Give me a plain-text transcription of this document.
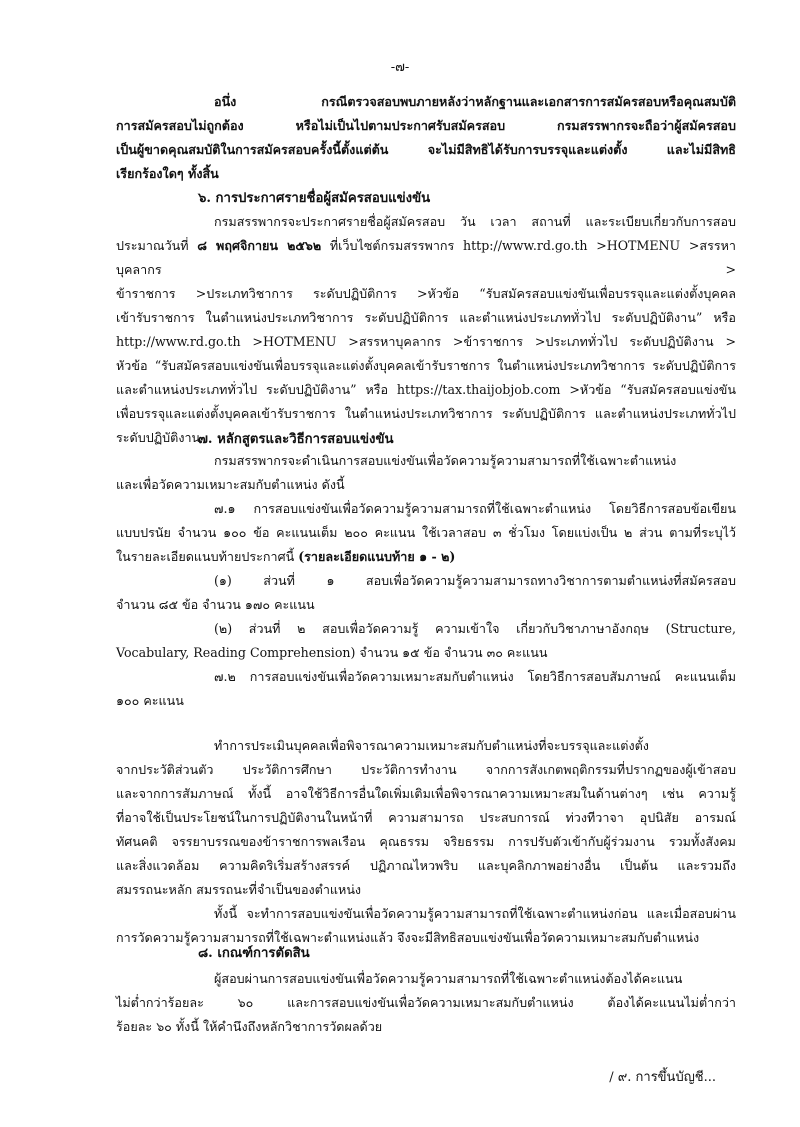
-๗-

อนึ่ง กรณีตรวจสอบพบภายหลังว่าหลักฐานและเอกสารการสมัครสอบหรือคุณสมบัติ

การสมัครสอบไม่ถูกต้อง หรือไม่เป็นไปตามประกาศรับสมัครสอบ กรมสรรพากรจะถือว่าผู้สมัครสอบ

เป็นผู้ขาดคุณสมบัติในการสมัครสอบครั้งนี้ตั้งแต่ต้น จะไม่มีสิทธิได้รับการบรรจุและแต่งตั้ง และไม่มีสิทธิ

เรียกร้องใดๆ ทั้งสิ้น

๖. การประกาศรายชื่อผู้สมัครสอบแข่งขัน

กรมสรรพากรจะประกาศรายชื่อผู้สมัครสอบ วัน เวลา สถานที่ และระเบียบเกี่ยวกับการสอบ

ประมาณวันที่ ๘ พฤศจิกายน ๒๕๖๒ ที่เว็บไซต์กรมสรรพากร http://www.rd.go.th >HOTMENU >สรรหาบุคลากร >

ข้าราชการ >ประเภทวิชาการ ระดับปฏิบัติการ >หัวข้อ “รับสมัครสอบแข่งขันเพื่อบรรจุและแต่งตั้งบุคคล

เข้ารับราชการ ในตำแหน่งประเภทวิชาการ ระดับปฏิบัติการ และตำแหน่งประเภททั่วไป ระดับปฏิบัติงาน” หรือ

http://www.rd.go.th >HOTMENU >สรรหาบุคลากร >ข้าราชการ >ประเภททั่วไป ระดับปฏิบัติงาน >

หัวข้อ “รับสมัครสอบแข่งขันเพื่อบรรจุและแต่งตั้งบุคคลเข้ารับราชการ ในตำแหน่งประเภทวิชาการ ระดับปฏิบัติการ

และตำแหน่งประเภททั่วไป ระดับปฏิบัติงาน” หรือ https://tax.thaijobjob.com >หัวข้อ “รับสมัครสอบแข่งขัน

เพื่อบรรจุและแต่งตั้งบุคคลเข้ารับราชการ ในตำแหน่งประเภทวิชาการ ระดับปฏิบัติการ และตำแหน่งประเภททั่วไป

ระดับปฏิบัติงาน

๗. หลักสูตรและวิธีการสอบแข่งขัน

กรมสรรพากรจะดำเนินการสอบแข่งขันเพื่อวัดความรู้ความสามารถที่ใช้เฉพาะตำแหน่ง

และเพื่อวัดความเหมาะสมกับตำแหน่ง ดังนี้

๗.๑ การสอบแข่งขันเพื่อวัดความรู้ความสามารถที่ใช้เฉพาะตำแหน่ง โดยวิธีการสอบข้อเขียน

แบบปรนัย จำนวน ๑๐๐ ข้อ คะแนนเต็ม ๒๐๐ คะแนน ใช้เวลาสอบ ๓ ชั่วโมง โดยแบ่งเป็น ๒ ส่วน ตามที่ระบุไว้

ในรายละเอียดแนบท้ายประกาศนี้ (รายละเอียดแนบท้าย ๑ - ๒)

(๑) ส่วนที่ ๑ สอบเพื่อวัดความรู้ความสามารถทางวิชาการตามตำแหน่งที่สมัครสอบ

จำนวน ๘๕ ข้อ จำนวน ๑๗๐ คะแนน

(๒) ส่วนที่ ๒ สอบเพื่อวัดความรู้ ความเข้าใจ เกี่ยวกับวิชาภาษาอังกฤษ (Structure,

Vocabulary, Reading Comprehension) จำนวน ๑๕ ข้อ จำนวน ๓๐ คะแนน

๗.๒ การสอบแข่งขันเพื่อวัดความเหมาะสมกับตำแหน่ง โดยวิธีการสอบสัมภาษณ์ คะแนนเต็ม

๑๐๐ คะแนน

ทำการประเมินบุคคลเพื่อพิจารณาความเหมาะสมกับตำแหน่งที่จะบรรจุและแต่งตั้ง

จากประวัติส่วนตัว ประวัติการศึกษา ประวัติการทำงาน จากการสังเกตพฤติกรรมที่ปรากฏของผู้เข้าสอบ

และจากการสัมภาษณ์ ทั้งนี้ อาจใช้วิธีการอื่นใดเพิ่มเติมเพื่อพิจารณาความเหมาะสมในด้านต่างๆ เช่น ความรู้

ที่อาจใช้เป็นประโยชน์ในการปฏิบัติงานในหน้าที่ ความสามารถ ประสบการณ์ ท่วงทีวาจา อุปนิสัย อารมณ์

ทัศนคติ จรรยาบรรณของข้าราชการพลเรือน คุณธรรม จริยธรรม การปรับตัวเข้ากับผู้ร่วมงาน รวมทั้งสังคม

และสิ่งแวดล้อม ความคิดริเริ่มสร้างสรรค์ ปฏิภาณไหวพริบ และบุคลิกภาพอย่างอื่น เป็นต้น และรวมถึง

สมรรถนะหลัก สมรรถนะที่จำเป็นของตำแหน่ง

ทั้งนี้ จะทำการสอบแข่งขันเพื่อวัดความรู้ความสามารถที่ใช้เฉพาะตำแหน่งก่อน และเมื่อสอบผ่าน

การวัดความรู้ความสามารถที่ใช้เฉพาะตำแหน่งแล้ว จึงจะมีสิทธิสอบแข่งขันเพื่อวัดความเหมาะสมกับตำแหน่ง

๘. เกณฑ์การตัดสิน

ผู้สอบผ่านการสอบแข่งขันเพื่อวัดความรู้ความสามารถที่ใช้เฉพาะตำแหน่งต้องได้คะแนน

ไม่ต่ำกว่าร้อยละ ๖๐ และการสอบแข่งขันเพื่อวัดความเหมาะสมกับตำแหน่ง ต้องได้คะแนนไม่ต่ำกว่า

ร้อยละ ๖๐ ทั้งนี้ ให้คำนึงถึงหลักวิชาการวัดผลด้วย

/ ๙. การขึ้นบัญชี...
